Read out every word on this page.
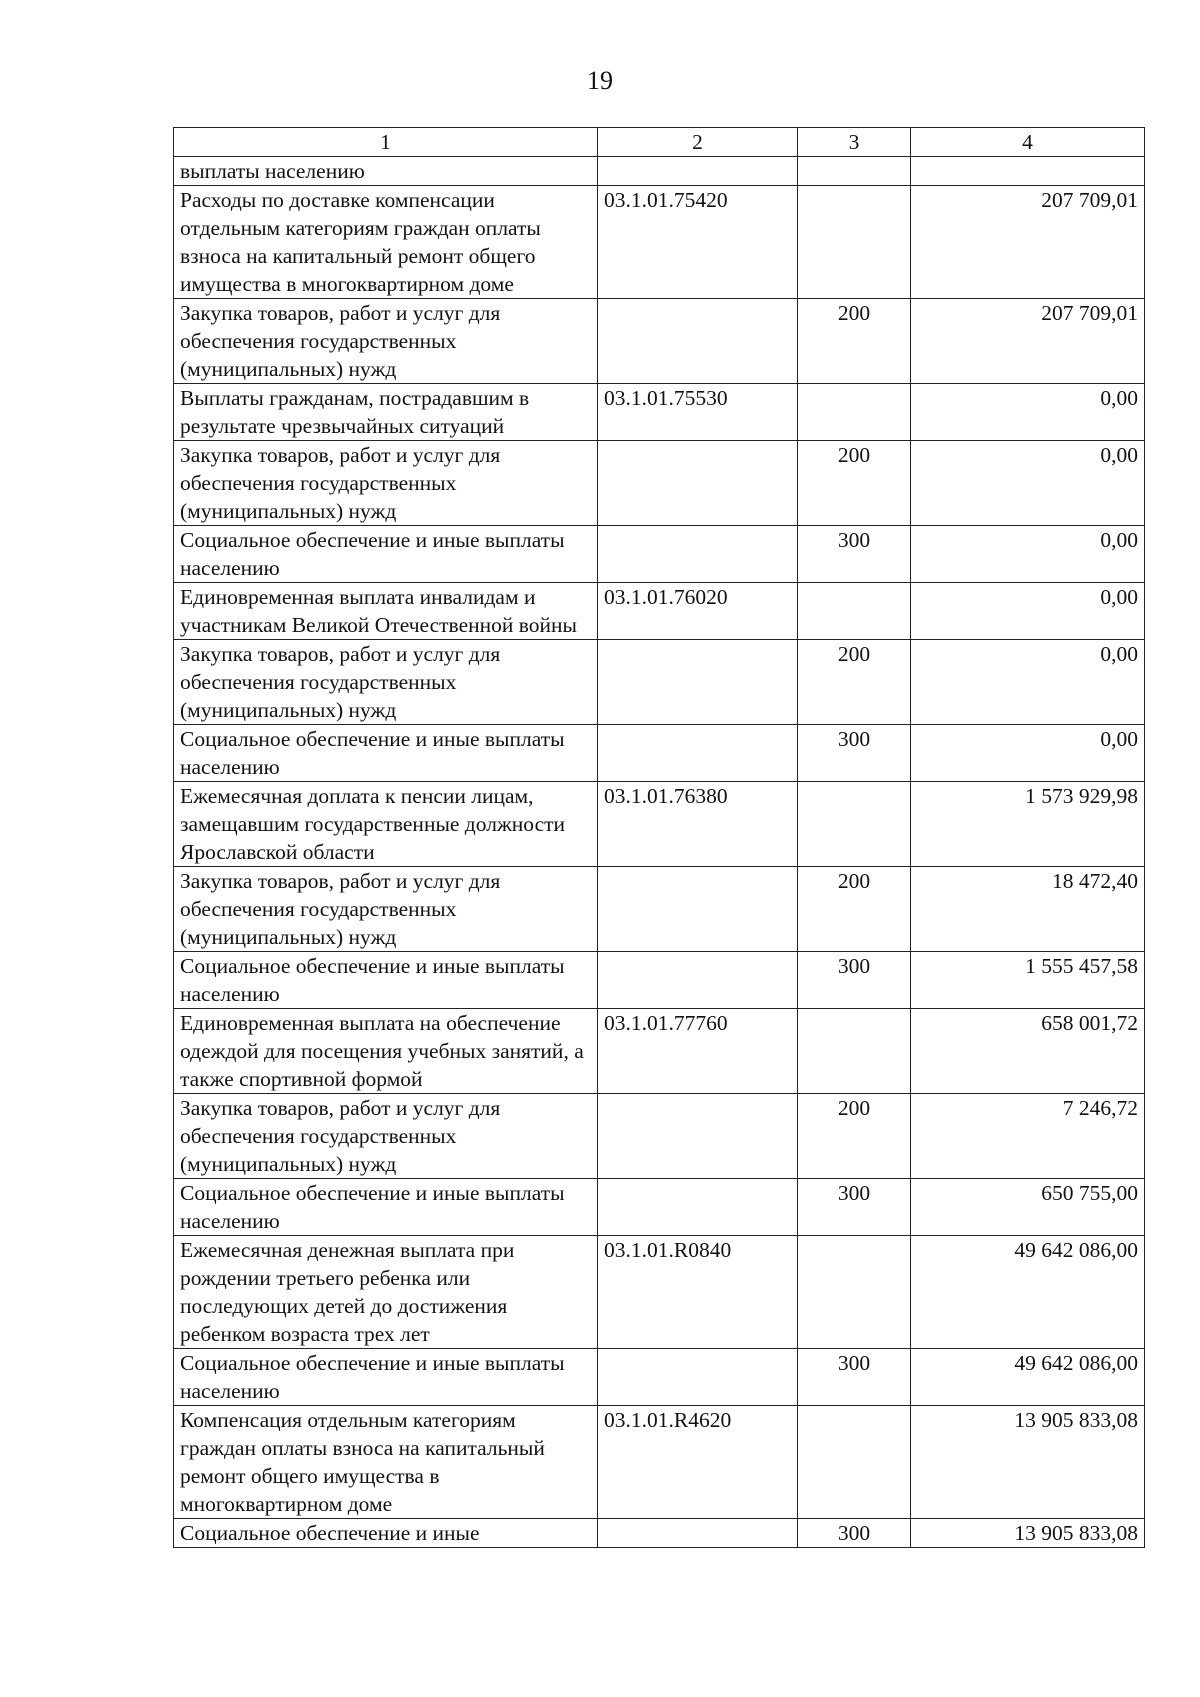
19
1	2	3	4
выплаты населению			
Расходы по доставке компенсации отдельным категориям граждан оплаты взноса на капитальный ремонт общего имущества в многоквартирном доме	03.1.01.75420		207 709,01
Закупка товаров, работ и услуг для обеспечения государственных (муниципальных) нужд		200	207 709,01
Выплаты гражданам, пострадавшим в результате чрезвычайных ситуаций	03.1.01.75530		0,00
Закупка товаров, работ и услуг для обеспечения государственных (муниципальных) нужд		200	0,00
Социальное обеспечение и иные выплаты населению		300	0,00
Единовременная выплата инвалидам и участникам Великой Отечественной войны	03.1.01.76020		0,00
Закупка товаров, работ и услуг для обеспечения государственных (муниципальных) нужд		200	0,00
Социальное обеспечение и иные выплаты населению		300	0,00
Ежемесячная доплата к пенсии лицам, замещавшим государственные должности Ярославской области	03.1.01.76380		1 573 929,98
Закупка товаров, работ и услуг для обеспечения государственных (муниципальных) нужд		200	18 472,40
Социальное обеспечение и иные выплаты населению		300	1 555 457,58
Единовременная выплата на обеспечение одеждой для посещения учебных занятий, а также спортивной формой	03.1.01.77760		658 001,72
Закупка товаров, работ и услуг для обеспечения государственных (муниципальных) нужд		200	7 246,72
Социальное обеспечение и иные выплаты населению		300	650 755,00
Ежемесячная денежная выплата при рождении третьего ребенка или последующих детей до достижения ребенком возраста трех лет	03.1.01.R0840		49 642 086,00
Социальное обеспечение и иные выплаты населению		300	49 642 086,00
Компенсация отдельным категориям граждан оплаты взноса на капитальный ремонт общего имущества в многоквартирном доме	03.1.01.R4620		13 905 833,08
Социальное обеспечение и иные		300	13 905 833,08
